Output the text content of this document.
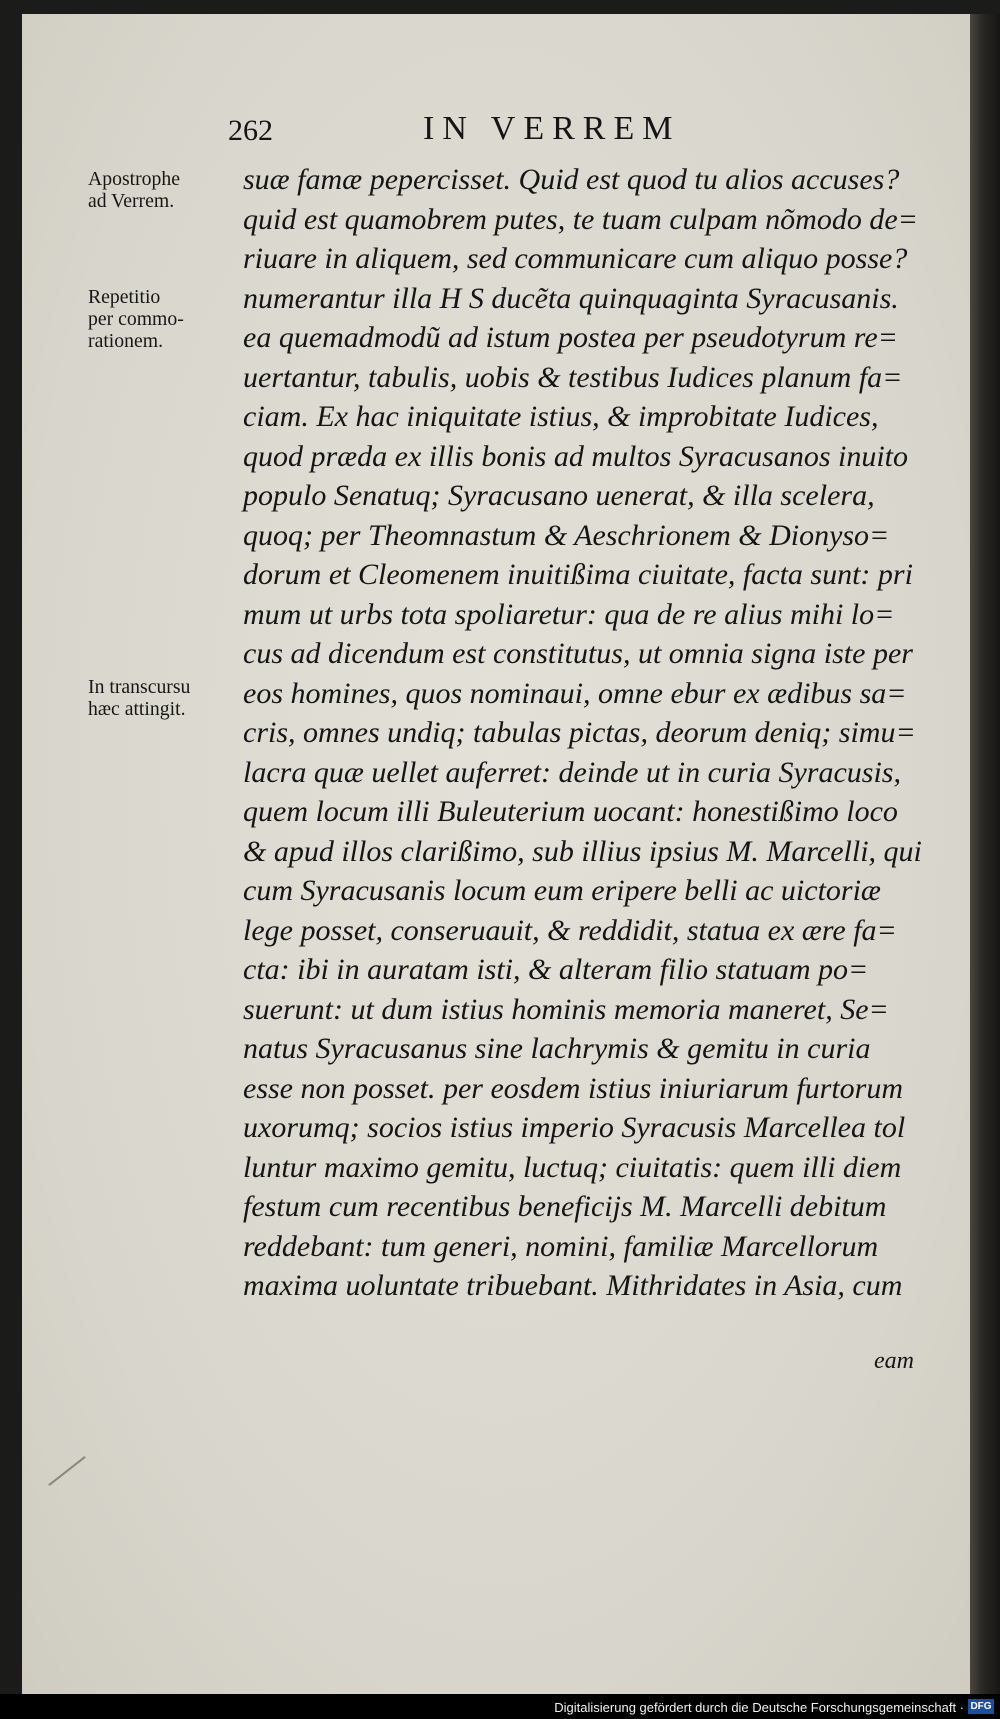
262	IN VERREM
Apostrophe
ad Verrem.
Repetitio
per commo-
rationem.
In transcursu
hæc attingit.
suæ famæ pepercisset. Quid est quod tu alios accuses?
quid est quamobrem putes, te tuam culpam nõmodo de=
riuare in aliquem, sed communicare cum aliquo posse?
numerantur illa H S ducẽta quinquaginta Syracusanis.
ea quemadmodũ ad istum postea per pseudotyrum re=
uertantur, tabulis, uobis & testibus Iudices planum fa=
ciam. Ex hac iniquitate istius, & improbitate Iudices,
quod præda ex illis bonis ad multos Syracusanos inuito
populo Senatuq; Syracusano uenerat, & illa scelera,
quoq; per Theomnastum & Aeschrionem & Dionyso=
dorum et Cleomenem inuitißima ciuitate, facta sunt: pri
mum ut urbs tota spoliaretur: qua de re alius mihi lo=
cus ad dicendum est constitutus, ut omnia signa iste per
eos homines, quos nominaui, omne ebur ex ædibus sa=
cris, omnes undiq; tabulas pictas, deorum deniq; simu=
lacra quæ uellet auferret: deinde ut in curia Syracusis,
quem locum illi Buleuterium uocant: honestißimo loco
& apud illos clarißimo, sub illius ipsius M. Marcelli, qui
cum Syracusanis locum eum eripere belli ac uictoriæ
lege posset, conseruauit, & reddidit, statua ex ære fa=
cta: ibi in auratam isti, & alteram filio statuam po=
suerunt: ut dum istius hominis memoria maneret, Se=
natus Syracusanus sine lachrymis & gemitu in curia
esse non posset. per eosdem istius iniuriarum furtorum
uxorumq; socios istius imperio Syracusis Marcellea tol
luntur maximo gemitu, luctuq; ciuitatis: quem illi diem
festum cum recentibus beneficijs M. Marcelli debitum
reddebant: tum generi, nomini, familiæ Marcellorum
maxima uoluntate tribuebant. Mithridates in Asia, cum
eam
Digitalisierung gefördert durch die Deutsche Forschungsgemeinschaft · DFG
